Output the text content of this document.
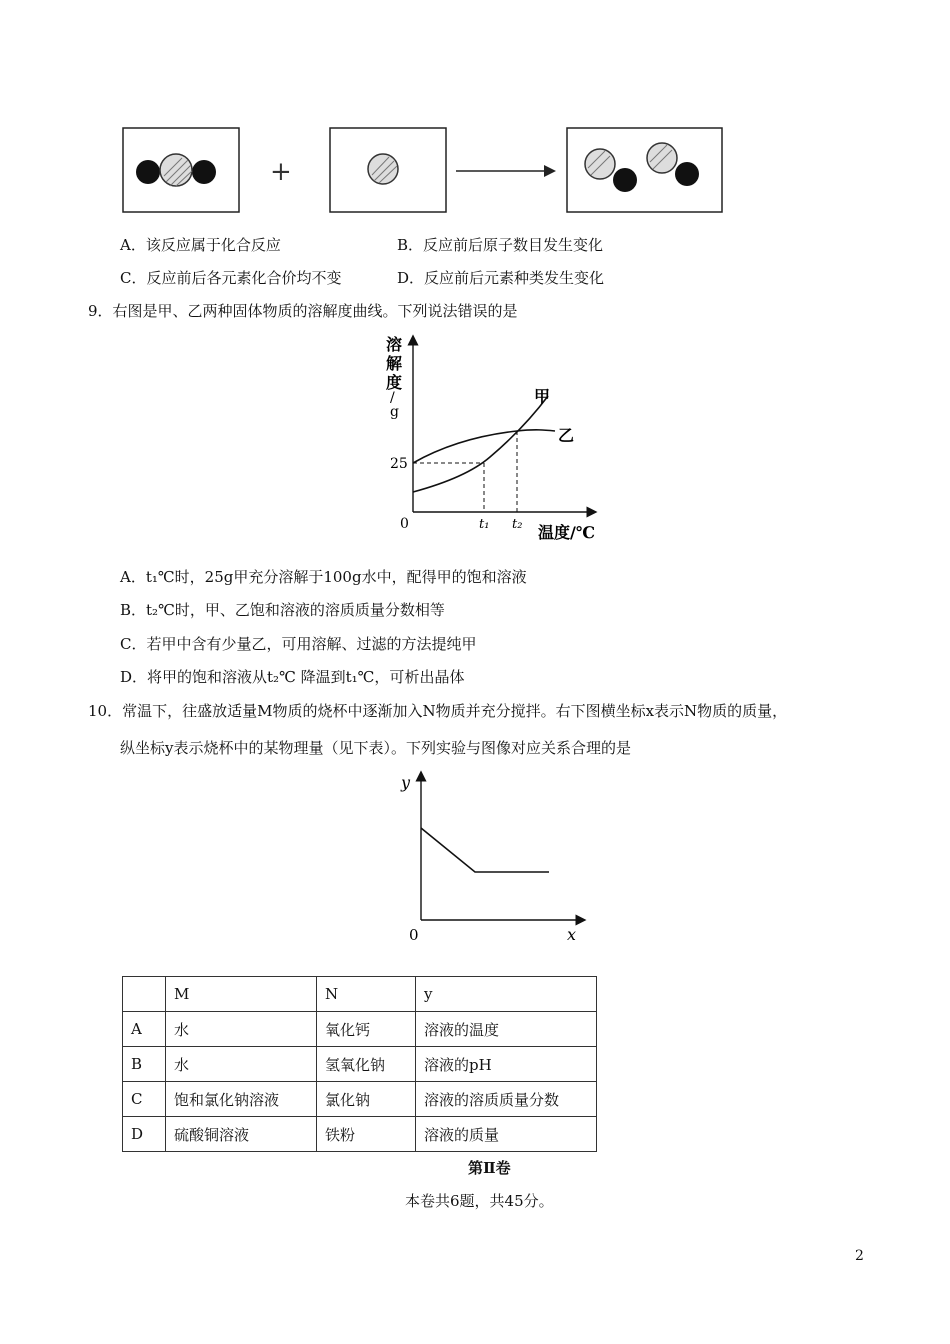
+
A．该反应属于化合反应	B．反应前后原子数目发生变化
C．反应前后各元素化合价均不变	D．反应前后元素种类发生变化
9．右图是甲、乙两种固体物质的溶解度曲线。下列说法错误的是
溶
解
度
/
g
0
25
t₁ t₂ 温度/℃
甲
乙
A．t₁℃时，25g甲充分溶解于100g水中，配得甲的饱和溶液
B．t₂℃时，甲、乙饱和溶液的溶质质量分数相等
C．若甲中含有少量乙，可用溶解、过滤的方法提纯甲
D．将甲的饱和溶液从t₂℃ 降温到t₁℃，可析出晶体
10．常温下，往盛放适量M物质的烧杯中逐渐加入N物质并充分搅拌。右下图横坐标x表示N物质的质量，
纵坐标y表示烧杯中的某物理量（见下表）。下列实验与图像对应关系合理的是
y
x
0
	M	N	y
A	水	氧化钙	溶液的温度
B	水	氢氧化钠	溶液的pH
C	饱和氯化钠溶液	氯化钠	溶液的溶质质量分数
D	硫酸铜溶液	铁粉	溶液的质量
第Ⅱ卷
本卷共6题，共45分。
2
